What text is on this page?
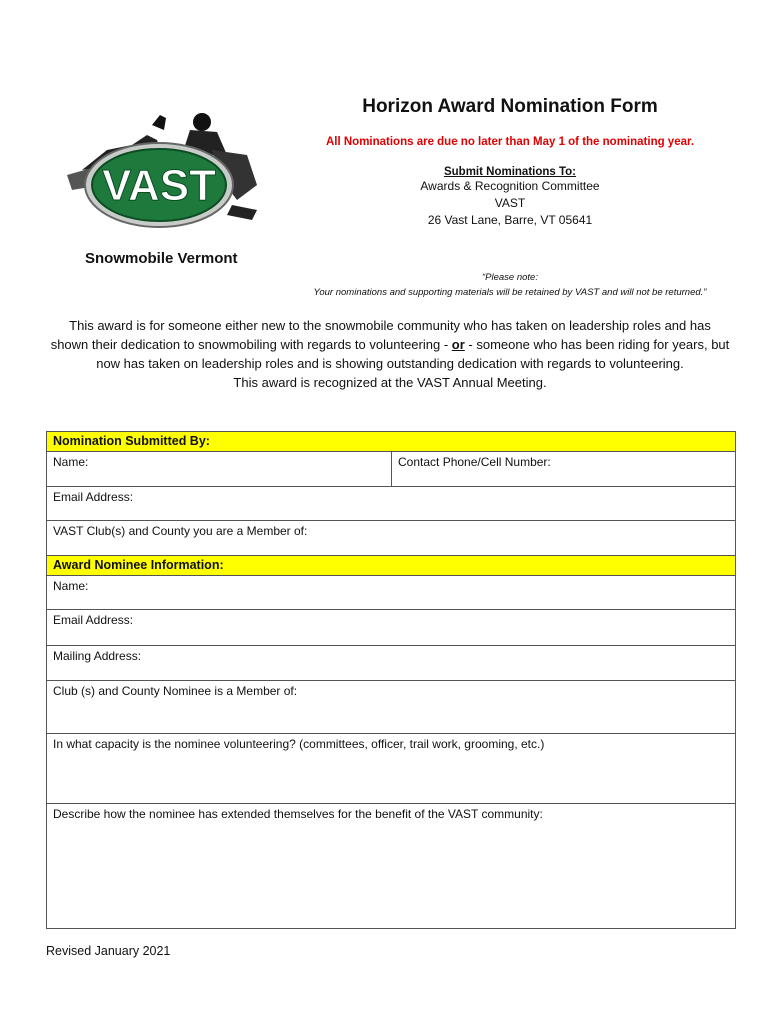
VAST
Snowmobile Vermont
Horizon Award Nomination Form
All Nominations are due no later than May 1 of the nominating year.
Submit Nominations To:
Awards & Recognition Committee
VAST
26 Vast Lane, Barre, VT 05641
“Please note:
Your nominations and supporting materials will be retained by VAST and will not be returned.”
This award is for someone either new to the snowmobile community who has taken on leadership roles and has shown their dedication to snowmobiling with regards to volunteering - or - someone who has been riding for years, but now has taken on leadership roles and is showing outstanding dedication with regards to volunteering.
This award is recognized at the VAST Annual Meeting.
Nomination Submitted By:
Name:	Contact Phone/Cell Number:
Email Address:
VAST Club(s) and County you are a Member of:
Award Nominee Information:
Name:
Email Address:
Mailing Address:
Club (s) and County Nominee is a Member of:
In what capacity is the nominee volunteering? (committees, officer, trail work, grooming, etc.)
Describe how the nominee has extended themselves for the benefit of the VAST community:
Revised January 2021
